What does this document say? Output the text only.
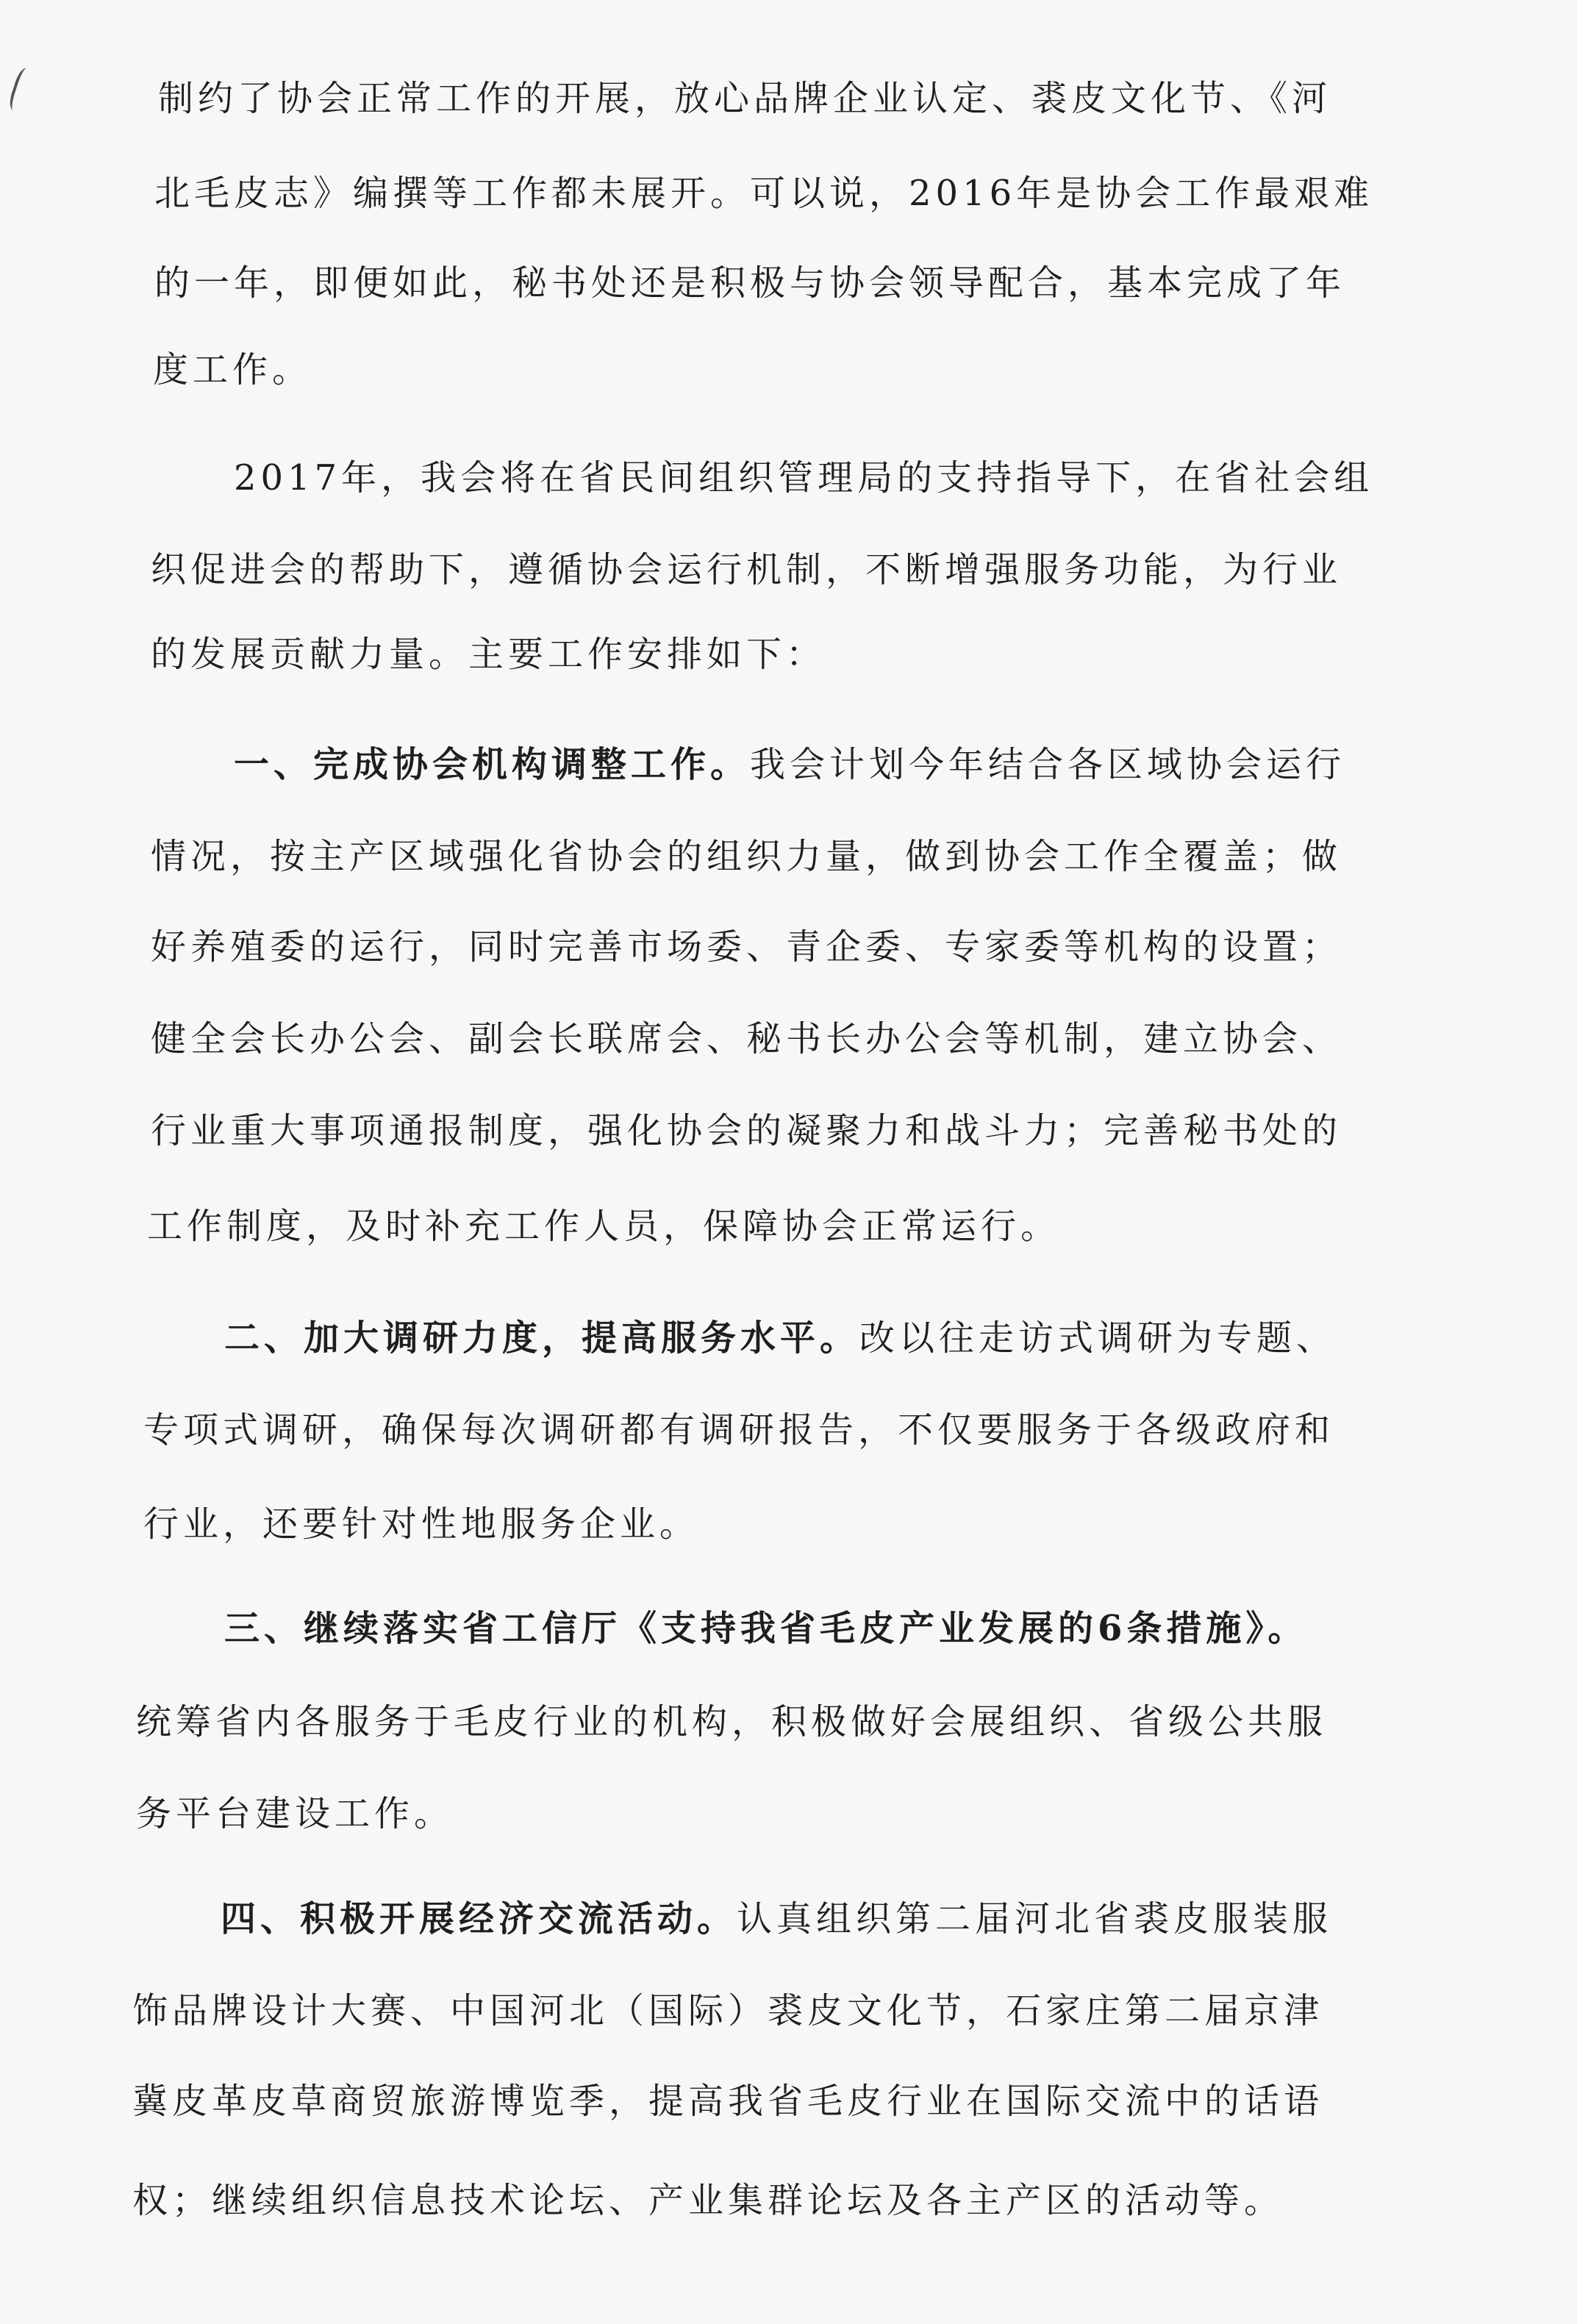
制约了协会正常工作的开展，放心品牌企业认定、裘皮文化节、《河
北毛皮志》编撰等工作都未展开。可以说，2016年是协会工作最艰难
的一年，即便如此，秘书处还是积极与协会领导配合，基本完成了年
度工作。
2017年，我会将在省民间组织管理局的支持指导下，在省社会组
织促进会的帮助下，遵循协会运行机制，不断增强服务功能，为行业
的发展贡献力量。主要工作安排如下：
一、完成协会机构调整工作。我会计划今年结合各区域协会运行
情况，按主产区域强化省协会的组织力量，做到协会工作全覆盖；做
好养殖委的运行，同时完善市场委、青企委、专家委等机构的设置；
健全会长办公会、副会长联席会、秘书长办公会等机制，建立协会、
行业重大事项通报制度，强化协会的凝聚力和战斗力；完善秘书处的
工作制度，及时补充工作人员，保障协会正常运行。
二、加大调研力度，提高服务水平。改以往走访式调研为专题、
专项式调研，确保每次调研都有调研报告，不仅要服务于各级政府和
行业，还要针对性地服务企业。
三、继续落实省工信厅《支持我省毛皮产业发展的6条措施》。
统筹省内各服务于毛皮行业的机构，积极做好会展组织、省级公共服
务平台建设工作。
四、积极开展经济交流活动。认真组织第二届河北省裘皮服装服
饰品牌设计大赛、中国河北（国际）裘皮文化节，石家庄第二届京津
冀皮革皮草商贸旅游博览季，提高我省毛皮行业在国际交流中的话语
权；继续组织信息技术论坛、产业集群论坛及各主产区的活动等。
